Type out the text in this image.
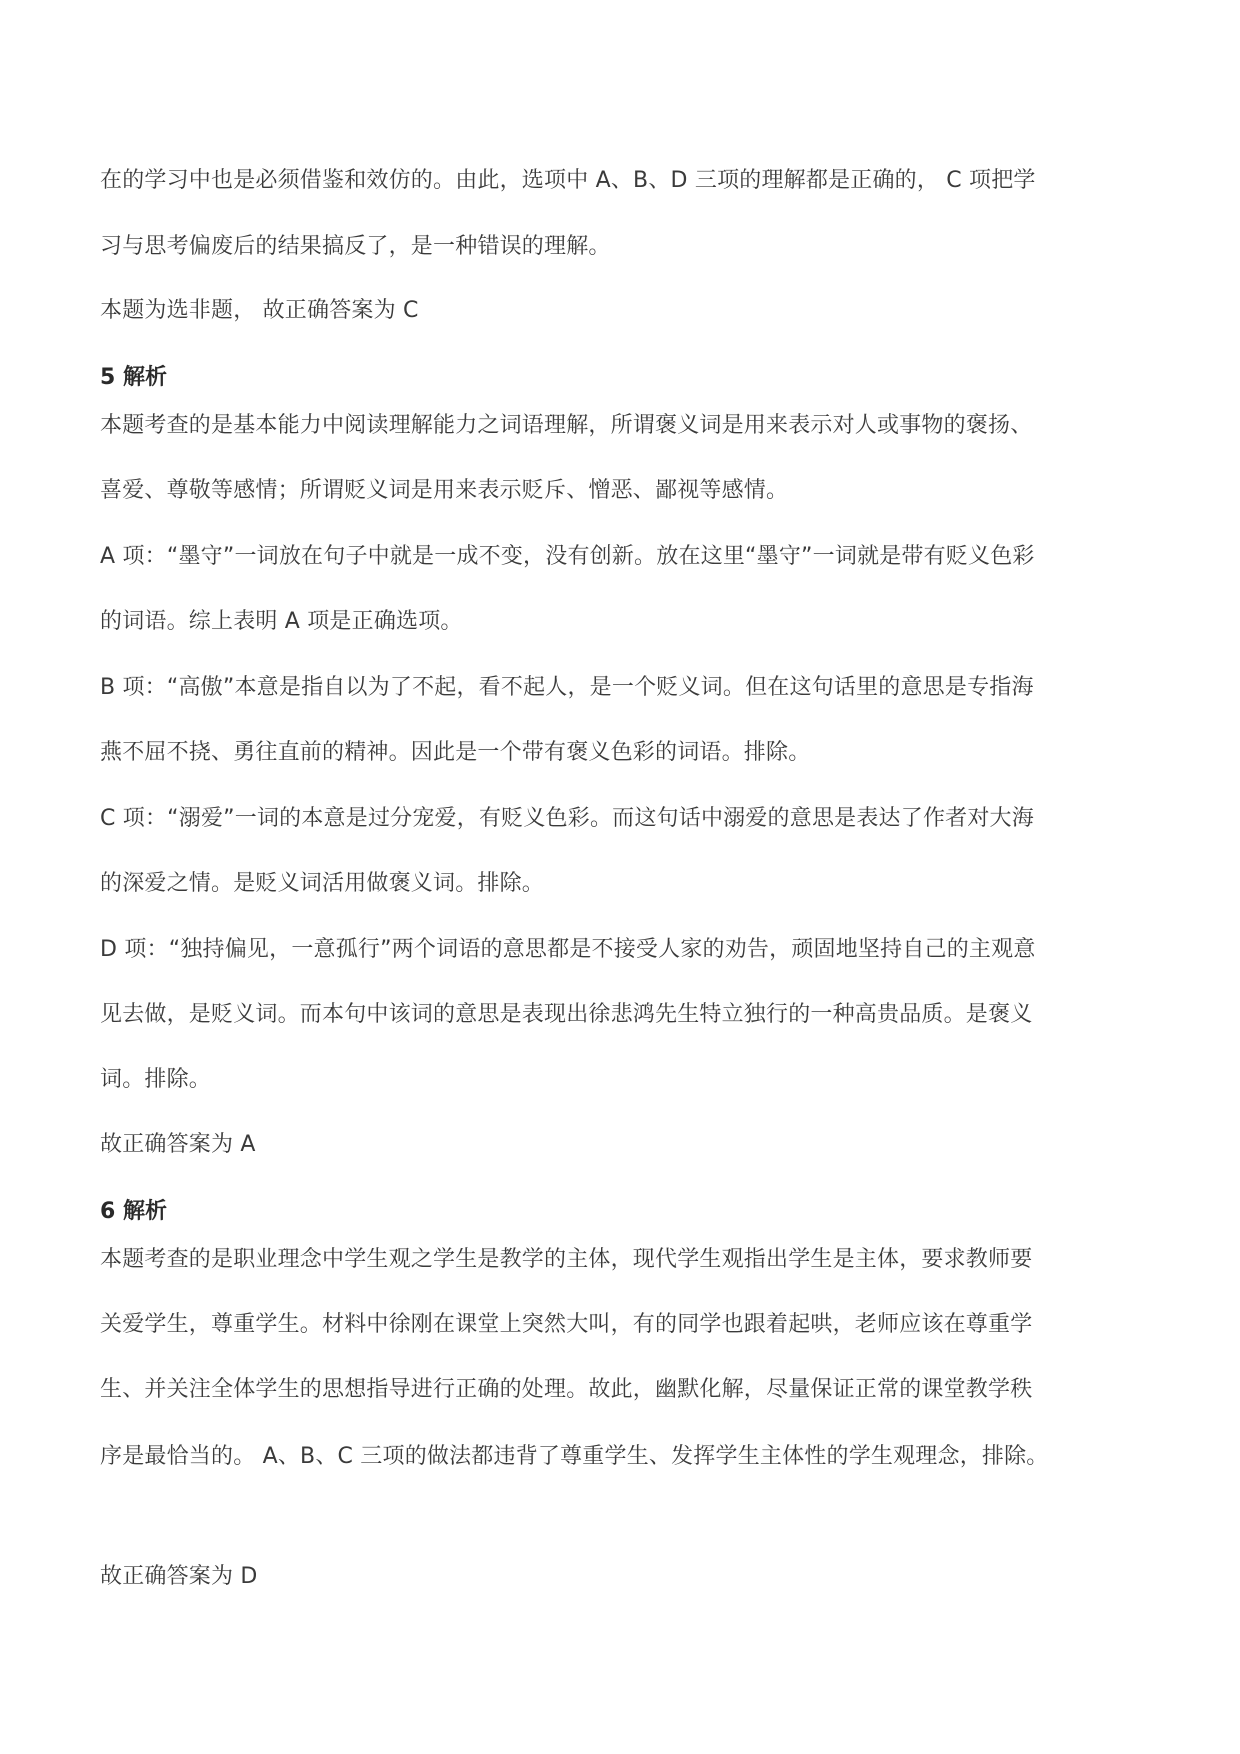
在的学习中也是必须借鉴和效仿的。由此，选项中 A、B、D 三项的理解都是正确的， C 项把学
习与思考偏废后的结果搞反了，是一种错误的理解。
本题为选非题， 故正确答案为 C
5 解析
本题考查的是基本能力中阅读理解能力之词语理解，所谓褒义词是用来表示对人或事物的褒扬、
喜爱、尊敬等感情；所谓贬义词是用来表示贬斥、憎恶、鄙视等感情。
A 项：“墨守”一词放在句子中就是一成不变，没有创新。放在这里“墨守”一词就是带有贬义色彩
的词语。综上表明 A 项是正确选项。
B 项：“高傲”本意是指自以为了不起，看不起人，是一个贬义词。但在这句话里的意思是专指海
燕不屈不挠、勇往直前的精神。因此是一个带有褒义色彩的词语。排除。
C 项：“溺爱”一词的本意是过分宠爱，有贬义色彩。而这句话中溺爱的意思是表达了作者对大海
的深爱之情。是贬义词活用做褒义词。排除。
D 项：“独持偏见，一意孤行”两个词语的意思都是不接受人家的劝告，顽固地坚持自己的主观意
见去做，是贬义词。而本句中该词的意思是表现出徐悲鸿先生特立独行的一种高贵品质。是褒义
词。排除。
故正确答案为 A
6 解析
本题考查的是职业理念中学生观之学生是教学的主体，现代学生观指出学生是主体，要求教师要
关爱学生，尊重学生。材料中徐刚在课堂上突然大叫，有的同学也跟着起哄，老师应该在尊重学
生、并关注全体学生的思想指导进行正确的处理。故此，幽默化解，尽量保证正常的课堂教学秩
序是最恰当的。 A、B、C 三项的做法都违背了尊重学生、发挥学生主体性的学生观理念，排除。
故正确答案为 D
